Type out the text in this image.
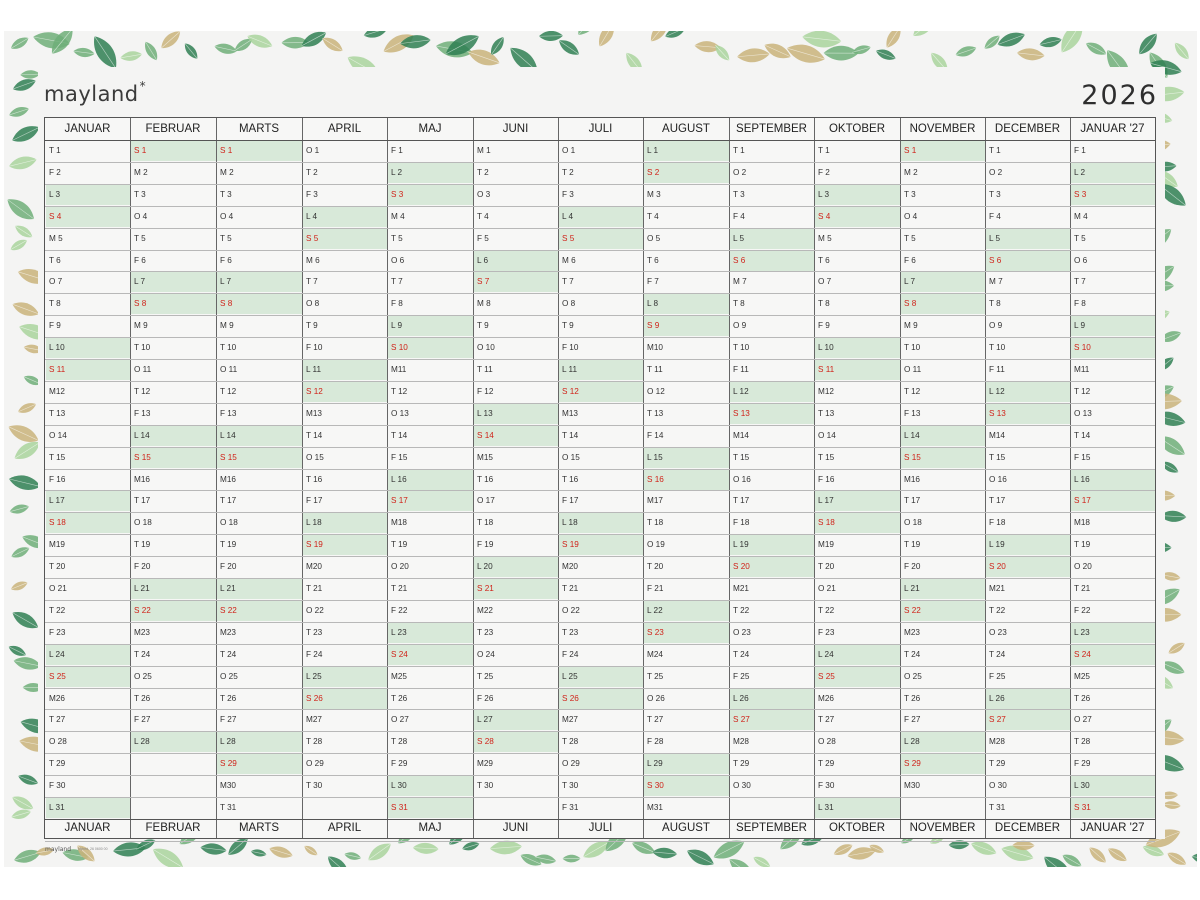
mayland*	2026
JANUAR
JANUAR
T 1
F 2
L 3
S 4
M 5
T 6
O 7
T 8
F 9
L 10
S 11
M12
T 13
O 14
T 15
F 16
L 17
S 18
M19
T 20
O 21
T 22
F 23
L 24
S 25
M26
T 27
O 28
T 29
F 30
L 31
FEBRUAR
FEBRUAR
S 1
M 2
T 3
O 4
T 5
F 6
L 7
S 8
M 9
T 10
O 11
T 12
F 13
L 14
S 15
M16
T 17
O 18
T 19
F 20
L 21
S 22
M23
T 24
O 25
T 26
F 27
L 28
MARTS
MARTS
S 1
M 2
T 3
O 4
T 5
F 6
L 7
S 8
M 9
T 10
O 11
T 12
F 13
L 14
S 15
M16
T 17
O 18
T 19
F 20
L 21
S 22
M23
T 24
O 25
T 26
F 27
L 28
S 29
M30
T 31
APRIL
APRIL
O 1
T 2
F 3
L 4
S 5
M 6
T 7
O 8
T 9
F 10
L 11
S 12
M13
T 14
O 15
T 16
F 17
L 18
S 19
M20
T 21
O 22
T 23
F 24
L 25
S 26
M27
T 28
O 29
T 30
MAJ
MAJ
F 1
L 2
S 3
M 4
T 5
O 6
T 7
F 8
L 9
S 10
M11
T 12
O 13
T 14
F 15
L 16
S 17
M18
T 19
O 20
T 21
F 22
L 23
S 24
M25
T 26
O 27
T 28
F 29
L 30
S 31
JUNI
JUNI
M 1
T 2
O 3
T 4
F 5
L 6
S 7
M 8
T 9
O 10
T 11
F 12
L 13
S 14
M15
T 16
O 17
T 18
F 19
L 20
S 21
M22
T 23
O 24
T 25
F 26
L 27
S 28
M29
T 30
JULI
JULI
O 1
T 2
F 3
L 4
S 5
M 6
T 7
O 8
T 9
F 10
L 11
S 12
M13
T 14
O 15
T 16
F 17
L 18
S 19
M20
T 21
O 22
T 23
F 24
L 25
S 26
M27
T 28
O 29
T 30
F 31
AUGUST
AUGUST
L 1
S 2
M 3
T 4
O 5
T 6
F 7
L 8
S 9
M10
T 11
O 12
T 13
F 14
L 15
S 16
M17
T 18
O 19
T 20
F 21
L 22
S 23
M24
T 25
O 26
T 27
F 28
L 29
S 30
M31
SEPTEMBER
SEPTEMBER
T 1
O 2
T 3
F 4
L 5
S 6
M 7
T 8
O 9
T 10
F 11
L 12
S 13
M14
T 15
O 16
T 17
F 18
L 19
S 20
M21
T 22
O 23
T 24
F 25
L 26
S 27
M28
T 29
O 30
OKTOBER
OKTOBER
T 1
F 2
L 3
S 4
M 5
T 6
O 7
T 8
F 9
L 10
S 11
M12
T 13
O 14
T 15
F 16
L 17
S 18
M19
T 20
O 21
T 22
F 23
L 24
S 25
M26
T 27
O 28
T 29
F 30
L 31
NOVEMBER
NOVEMBER
S 1
M 2
T 3
O 4
T 5
F 6
L 7
S 8
M 9
T 10
O 11
T 12
F 13
L 14
S 15
M16
T 17
O 18
T 19
F 20
L 21
S 22
M23
T 24
O 25
T 26
F 27
L 28
S 29
M30
DECEMBER
DECEMBER
T 1
O 2
T 3
F 4
L 5
S 6
M 7
T 8
O 9
T 10
F 11
L 12
S 13
M14
T 15
O 16
T 17
F 18
L 19
S 20
M21
T 22
O 23
T 24
F 25
L 26
S 27
M28
T 29
O 30
T 31
JANUAR '27
JANUAR '27
F 1
L 2
S 3
M 4
T 5
O 6
T 7
F 8
L 9
S 10
M11
T 12
O 13
T 14
F 15
L 16
S 17
M18
T 19
O 20
T 21
F 22
L 23
S 24
M25
T 26
O 27
T 28
F 29
L 30
S 31
mayland Nyhed, 26 0600 00
